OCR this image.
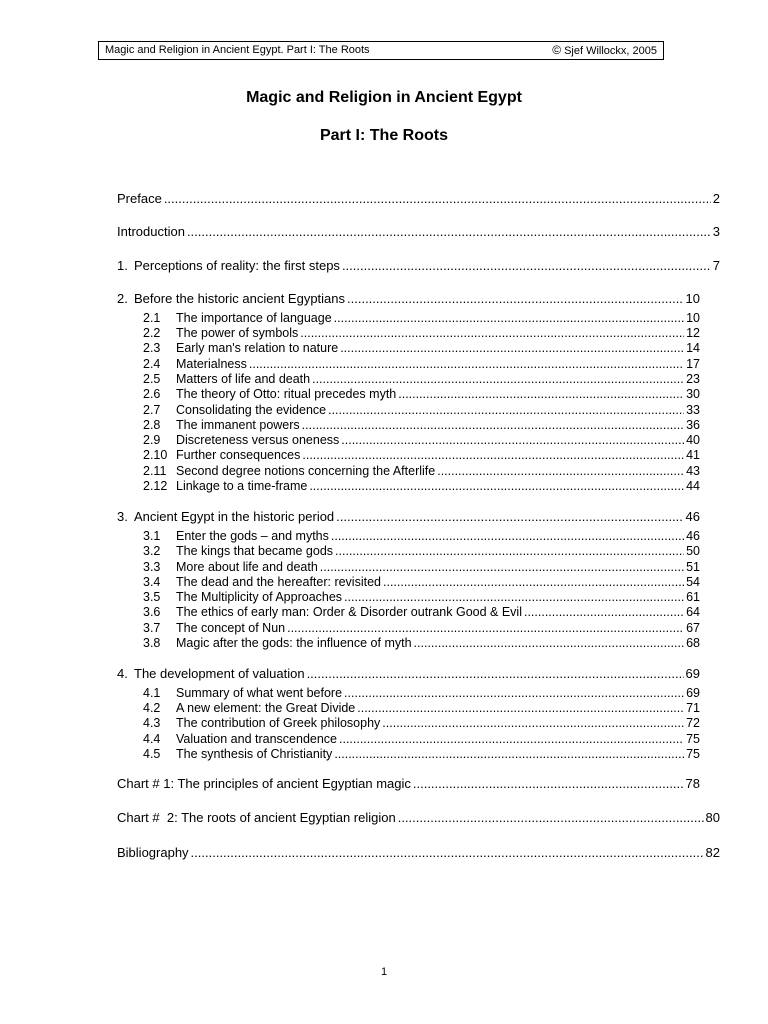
Magic and Religion in Ancient Egypt. Part I: The Roots	© Sjef Willockx, 2005
Magic and Religion in Ancient Egypt
Part I: The Roots
Preface .....	2
Introduction .....	3
1. Perceptions of reality: the first steps .....	7
2. Before the historic ancient Egyptians .....	10
2.1	The importance of language .....	10
2.2	The power of symbols .....	12
2.3	Early man's relation to nature .....	14
2.4	Materialness .....	17
2.5	Matters of life and death .....	23
2.6	The theory of Otto: ritual precedes myth .....	30
2.7	Consolidating the evidence .....	33
2.8	The immanent powers .....	36
2.9	Discreteness versus oneness .....	40
2.10 Further consequences .....	41
2.11 Second degree notions concerning the Afterlife .....	43
2.12 Linkage to a time-frame .....	44
3. Ancient Egypt in the historic period .....	46
3.1	Enter the gods – and myths .....	46
3.2	The kings that became gods .....	50
3.3	More about life and death .....	51
3.4	The dead and the hereafter: revisited .....	54
3.5	The Multiplicity of Approaches .....	61
3.6	The ethics of early man: Order & Disorder outrank Good & Evil .....	64
3.7	The concept of Nun .....	67
3.8	Magic after the gods: the influence of myth .....	68
4. The development of valuation .....	69
4.1	Summary of what went before .....	69
4.2	A new element: the Great Divide .....	71
4.3	The contribution of Greek philosophy .....	72
4.4	Valuation and transcendence .....	75
4.5	The synthesis of Christianity .....	75
Chart # 1: The principles of ancient Egyptian magic .....	78
Chart #  2: The roots of ancient Egyptian religion .....	80
Bibliography .....	82
1
